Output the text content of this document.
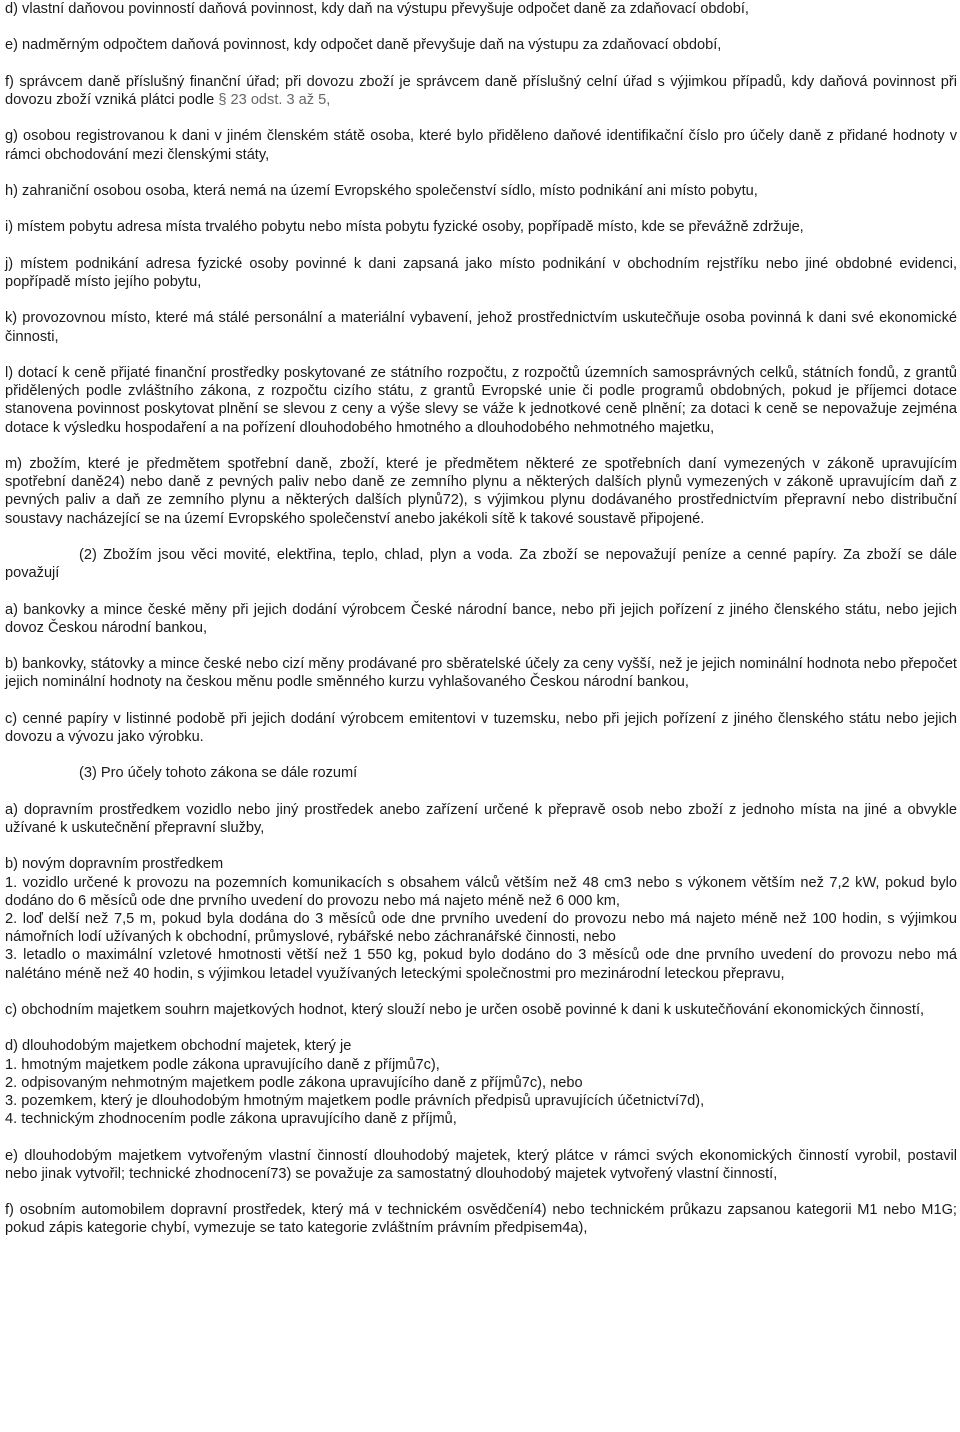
d) vlastní daňovou povinností daňová povinnost, kdy daň na výstupu převyšuje odpočet daně za zdaňovací období,

e) nadměrným odpočtem daňová povinnost, kdy odpočet daně převyšuje daň na výstupu za zdaňovací období,

f) správcem daně příslušný finanční úřad; při dovozu zboží je správcem daně příslušný celní úřad s výjimkou případů, kdy daňová povinnost při dovozu zboží vzniká plátci podle § 23 odst. 3 až 5,

g) osobou registrovanou k dani v jiném členském státě osoba, které bylo přiděleno daňové identifikační číslo pro účely daně z přidané hodnoty v rámci obchodování mezi členskými státy,

h) zahraniční osobou osoba, která nemá na území Evropského společenství sídlo, místo podnikání ani místo pobytu,

i) místem pobytu adresa místa trvalého pobytu nebo místa pobytu fyzické osoby, popřípadě místo, kde se převážně zdržuje,

j) místem podnikání adresa fyzické osoby povinné k dani zapsaná jako místo podnikání v obchodním rejstříku nebo jiné obdobné evidenci, popřípadě místo jejího pobytu,

k) provozovnou místo, které má stálé personální a materiální vybavení, jehož prostřednictvím uskutečňuje osoba povinná k dani své ekonomické činnosti,

l) dotací k ceně přijaté finanční prostředky poskytované ze státního rozpočtu, z rozpočtů územních samosprávných celků, státních fondů, z grantů přidělených podle zvláštního zákona, z rozpočtu cizího státu, z grantů Evropské unie či podle programů obdobných, pokud je příjemci dotace stanovena povinnost poskytovat plnění se slevou z ceny a výše slevy se váže k jednotkové ceně plnění; za dotaci k ceně se nepovažuje zejména dotace k výsledku hospodaření a na pořízení dlouhodobého hmotného a dlouhodobého nehmotného majetku,

m) zbožím, které je předmětem spotřební daně, zboží, které je předmětem některé ze spotřebních daní vymezených v zákoně upravujícím spotřební daně24) nebo daně z pevných paliv nebo daně ze zemního plynu a některých dalších plynů vymezených v zákoně upravujícím daň z pevných paliv a daň ze zemního plynu a některých dalších plynů72), s výjimkou plynu dodávaného prostřednictvím přepravní nebo distribuční soustavy nacházející se na území Evropského společenství anebo jakékoli sítě k takové soustavě připojené.

(2) Zbožím jsou věci movité, elektřina, teplo, chlad, plyn a voda. Za zboží se nepovažují peníze a cenné papíry. Za zboží se dále považují

a) bankovky a mince české měny při jejich dodání výrobcem České národní bance, nebo při jejich pořízení z jiného členského státu, nebo jejich dovoz Českou národní bankou,

b) bankovky, státovky a mince české nebo cizí měny prodávané pro sběratelské účely za ceny vyšší, než je jejich nominální hodnota nebo přepočet jejich nominální hodnoty na českou měnu podle směnného kurzu vyhlašovaného Českou národní bankou,

c) cenné papíry v listinné podobě při jejich dodání výrobcem emitentovi v tuzemsku, nebo při jejich pořízení z jiného členského státu nebo jejich dovozu a vývozu jako výrobku.

(3) Pro účely tohoto zákona se dále rozumí

a) dopravním prostředkem vozidlo nebo jiný prostředek anebo zařízení určené k přepravě osob nebo zboží z jednoho místa na jiné a obvykle užívané k uskutečnění přepravní služby,

b) novým dopravním prostředkem

1. vozidlo určené k provozu na pozemních komunikacích s obsahem válců větším než 48 cm3 nebo s výkonem větším než 7,2 kW, pokud bylo dodáno do 6 měsíců ode dne prvního uvedení do provozu nebo má najeto méně než 6 000 km,

2. loď delší než 7,5 m, pokud byla dodána do 3 měsíců ode dne prvního uvedení do provozu nebo má najeto méně než 100 hodin, s výjimkou námořních lodí užívaných k obchodní, průmyslové, rybářské nebo záchranářské činnosti, nebo

3. letadlo o maximální vzletové hmotnosti větší než 1 550 kg, pokud bylo dodáno do 3 měsíců ode dne prvního uvedení do provozu nebo má nalétáno méně než 40 hodin, s výjimkou letadel využívaných leteckými společnostmi pro mezinárodní leteckou přepravu,

c) obchodním majetkem souhrn majetkových hodnot, který slouží nebo je určen osobě povinné k dani k uskutečňování ekonomických činností,

d) dlouhodobým majetkem obchodní majetek, který je

1. hmotným majetkem podle zákona upravujícího daně z příjmů7c),

2. odpisovaným nehmotným majetkem podle zákona upravujícího daně z příjmů7c), nebo

3. pozemkem, který je dlouhodobým hmotným majetkem podle právních předpisů upravujících účetnictví7d),

4. technickým zhodnocením podle zákona upravujícího daně z příjmů,

e) dlouhodobým majetkem vytvořeným vlastní činností dlouhodobý majetek, který plátce v rámci svých ekonomických činností vyrobil, postavil nebo jinak vytvořil; technické zhodnocení73) se považuje za samostatný dlouhodobý majetek vytvořený vlastní činností,

f) osobním automobilem dopravní prostředek, který má v technickém osvědčení4) nebo technickém průkazu zapsanou kategorii M1 nebo M1G; pokud zápis kategorie chybí, vymezuje se tato kategorie zvláštním právním předpisem4a),
